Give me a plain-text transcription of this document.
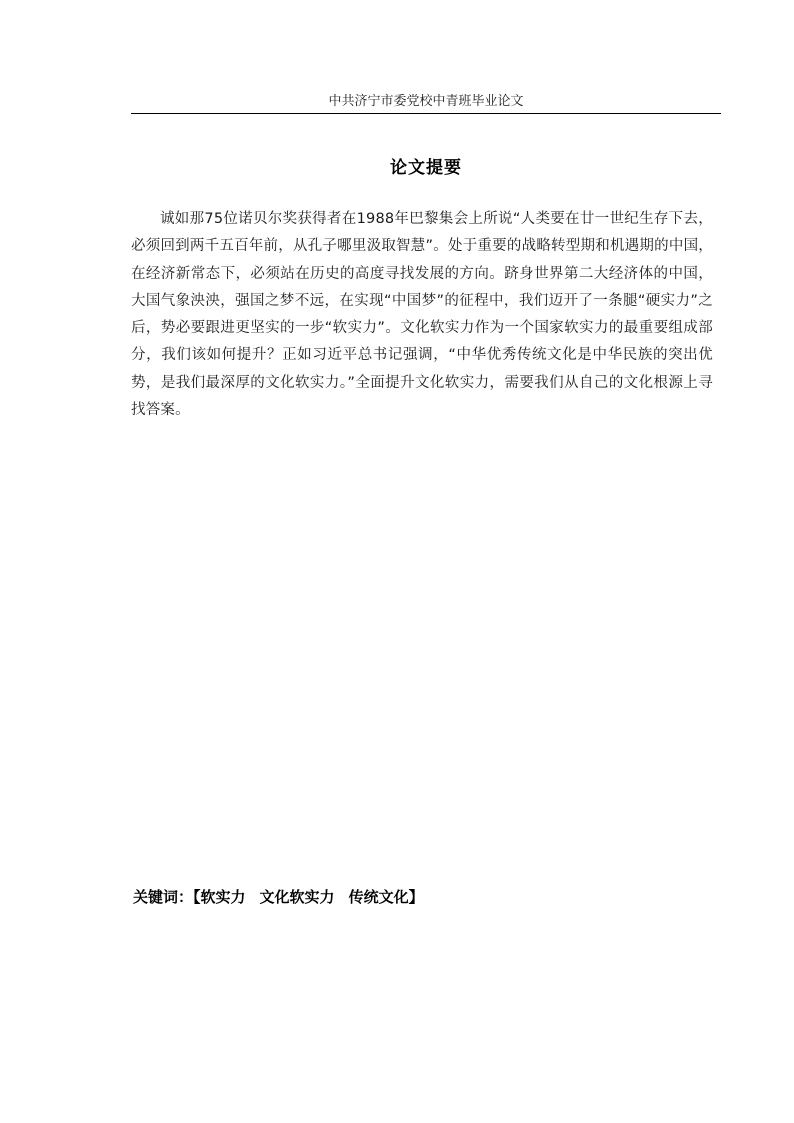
中共济宁市委党校中青班毕业论文
论文提要
诚如那75位诺贝尔奖获得者在1988年巴黎集会上所说“人类要在廿一世纪生存下去，必须回到两千五百年前，从孔子哪里汲取智慧”。处于重要的战略转型期和机遇期的中国，在经济新常态下，必须站在历史的高度寻找发展的方向。跻身世界第二大经济体的中国，大国气象泱泱，强国之梦不远，在实现“中国梦”的征程中，我们迈开了一条腿“硬实力”之后，势必要跟进更坚实的一步“软实力”。文化软实力作为一个国家软实力的最重要组成部分，我们该如何提升？正如习近平总书记强调，“中华优秀传统文化是中华民族的突出优势，是我们最深厚的文化软实力。”全面提升文化软实力，需要我们从自己的文化根源上寻找答案。
关键词：【软实力 文化软实力 传统文化】
